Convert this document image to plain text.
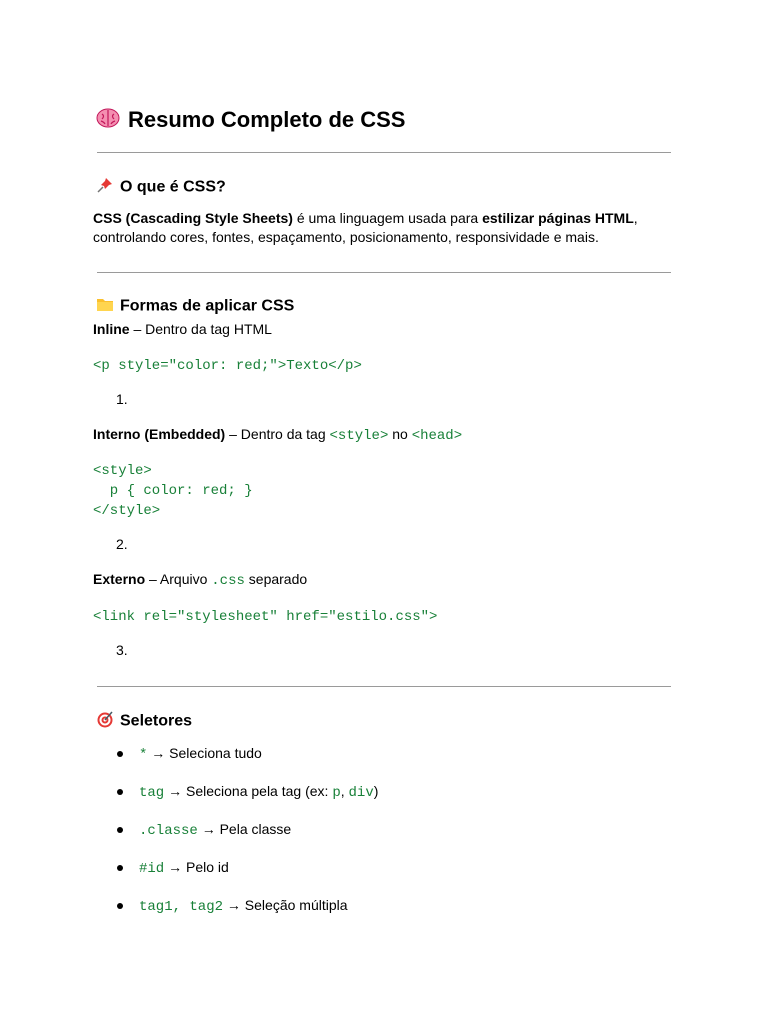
Resumo Completo de CSS
O que é CSS?
CSS (Cascading Style Sheets) é uma linguagem usada para estilizar páginas HTML,
controlando cores, fontes, espaçamento, posicionamento, responsividade e mais.
Formas de aplicar CSS
Inline – Dentro da tag HTML
<p style="color: red;">Texto</p>
1.
Interno (Embedded) – Dentro da tag <style> no <head>
<style>
p { color: red; }
</style>
2.
Externo – Arquivo .css separado
<link rel="stylesheet" href="estilo.css">
3.
Seletores
* → Seleciona tudo
tag → Seleciona pela tag (ex: p, div)
.classe → Pela classe
#id → Pelo id
tag1, tag2 → Seleção múltipla
